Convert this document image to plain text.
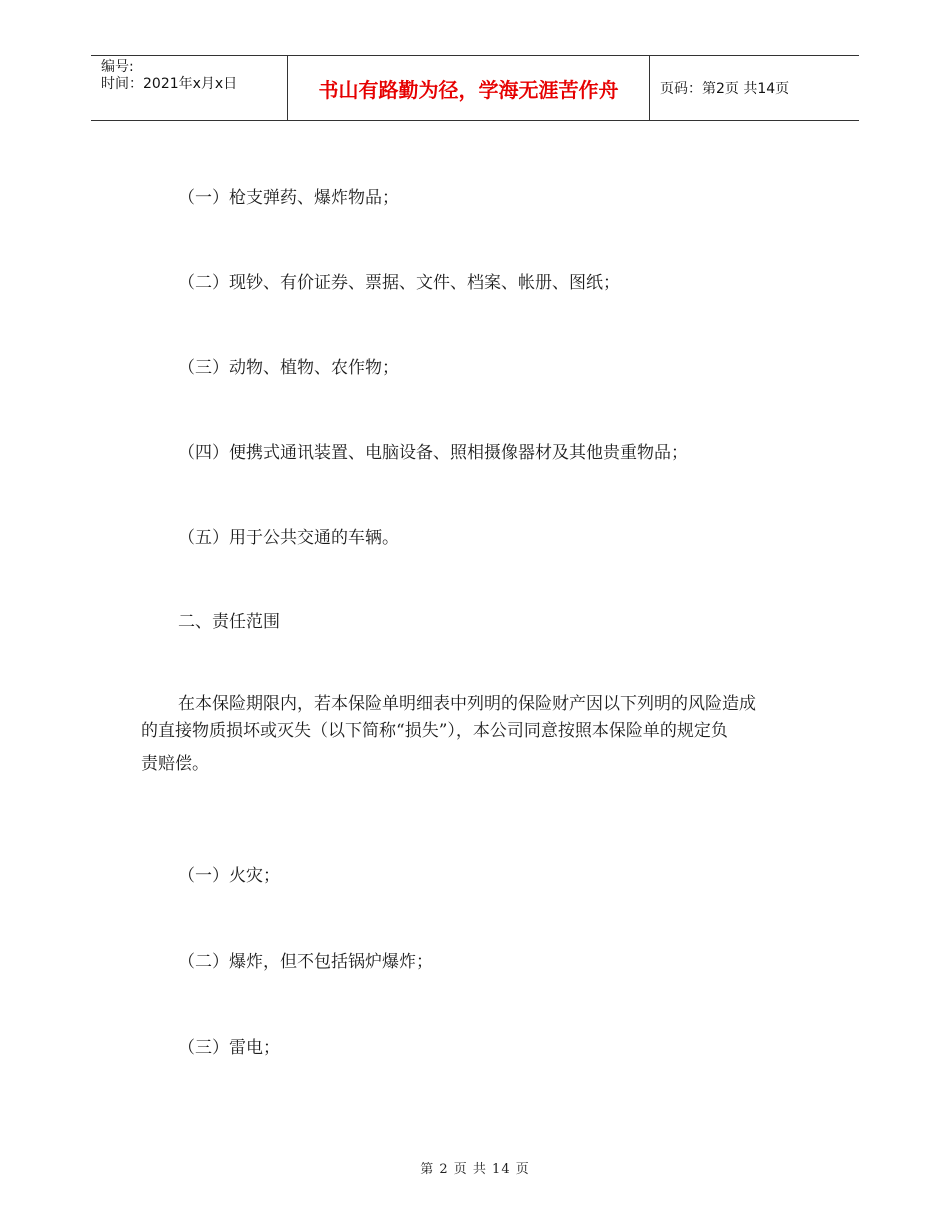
编号:
时间：2021年x月x日	书山有路勤为径，学海无涯苦作舟	页码：第2页 共14页
（一）枪支弹药、爆炸物品；
（二）现钞、有价证券、票据、文件、档案、帐册、图纸；
（三）动物、植物、农作物；
（四）便携式通讯装置、电脑设备、照相摄像器材及其他贵重物品；
（五）用于公共交通的车辆。
二、责任范围
在本保险期限内，若本保险单明细表中列明的保险财产因以下列明的风险造成
的直接物质损坏或灭失（以下简称“损失”），本公司同意按照本保险单的规定负
责赔偿。
（一）火灾；
（二）爆炸，但不包括锅炉爆炸；
（三）雷电；
第 2 页 共 14 页
